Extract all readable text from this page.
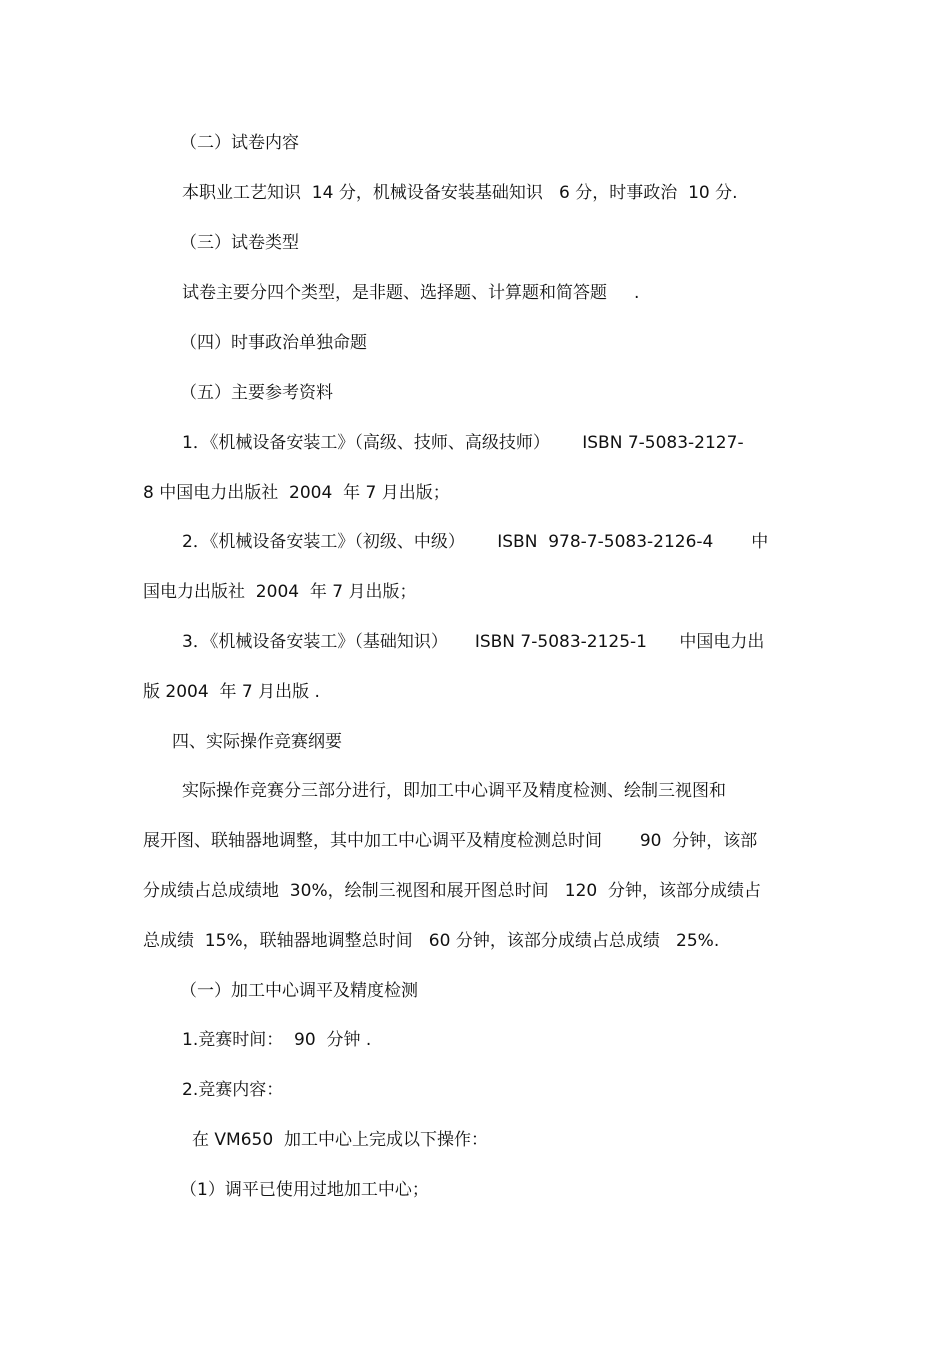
（二）试卷内容

本职业工艺知识  14 分，机械设备安装基础知识   6 分，时事政治  10 分.

（三）试卷类型

试卷主要分四个类型，是非题、选择题、计算题和简答题     .

（四）时事政治单独命题

（五）主要参考资料

1．《机械设备安装工》（高级、技师、高级技师）      ISBN 7-5083-2127-

8 中国电力出版社  2004  年 7 月出版；

2．《机械设备安装工》（初级、中级）      ISBN  978-7-5083-2126-4       中

国电力出版社  2004  年 7 月出版；

3．《机械设备安装工》（基础知识）     ISBN 7-5083-2125-1      中国电力出

版 2004  年 7 月出版 .

四、实际操作竞赛纲要

实际操作竞赛分三部分进行，即加工中心调平及精度检测、绘制三视图和

展开图、联轴器地调整，其中加工中心调平及精度检测总时间       90  分钟，该部

分成绩占总成绩地  30%，绘制三视图和展开图总时间   120  分钟，该部分成绩占

总成绩  15%，联轴器地调整总时间   60 分钟，该部分成绩占总成绩   25%.

（一）加工中心调平及精度检测

1.竞赛时间：  90  分钟 .

2.竞赛内容：

在 VM650  加工中心上完成以下操作：

（1）调平已使用过地加工中心；
